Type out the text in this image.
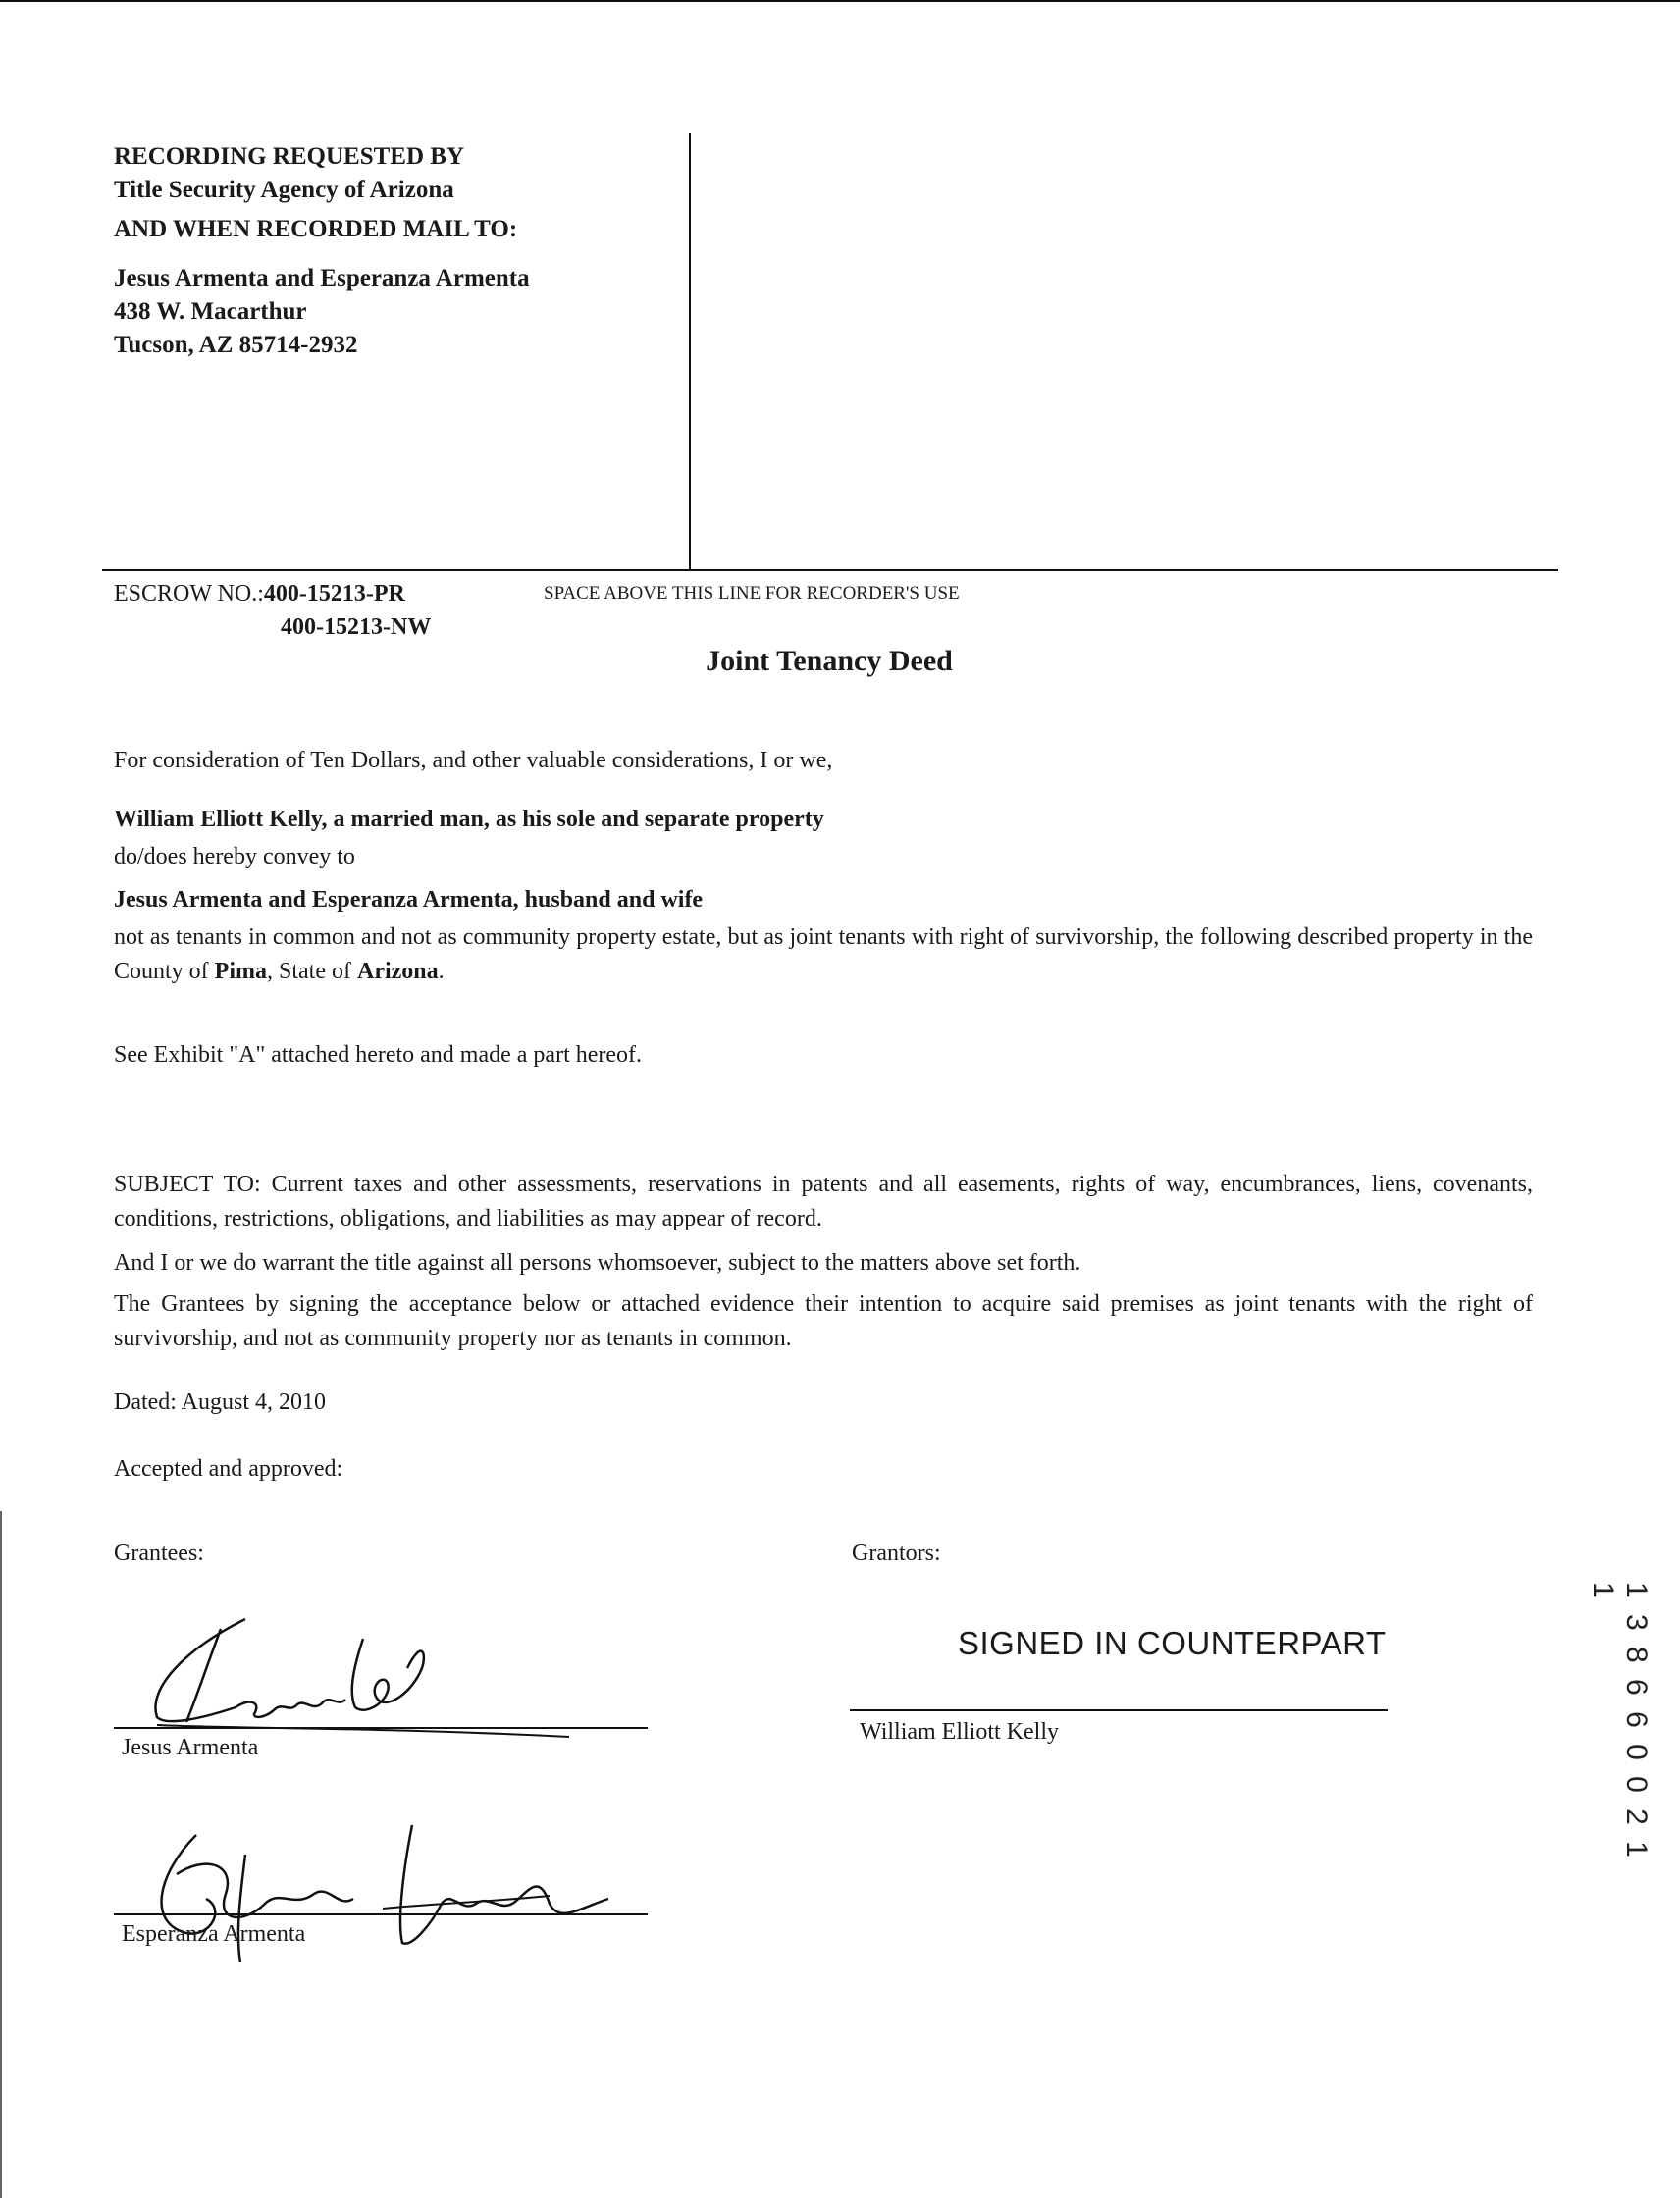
RECORDING REQUESTED BY
Title Security Agency of Arizona
AND WHEN RECORDED MAIL TO:
Jesus Armenta and Esperanza Armenta
438 W. Macarthur
Tucson, AZ 85714-2932
ESCROW NO.:400-15213-PR
400-15213-NW
SPACE ABOVE THIS LINE FOR RECORDER'S USE
Joint Tenancy Deed
For consideration of Ten Dollars, and other valuable considerations, I or we,
William Elliott Kelly, a married man, as his sole and separate property
do/does hereby convey to
Jesus Armenta and Esperanza Armenta, husband and wife
not as tenants in common and not as community property estate, but as joint tenants with right of survivorship, the following described property in the County of Pima, State of Arizona.
See Exhibit "A" attached hereto and made a part hereof.
SUBJECT TO: Current taxes and other assessments, reservations in patents and all easements, rights of way, encumbrances, liens, covenants, conditions, restrictions, obligations, and liabilities as may appear of record.
And I or we do warrant the title against all persons whomsoever, subject to the matters above set forth.
The Grantees by signing the acceptance below or attached evidence their intention to acquire said premises as joint tenants with the right of survivorship, and not as community property nor as tenants in common.
Dated: August 4, 2010
Accepted and approved:
Grantees:	Grantors:
Jesus Armenta
Esperanza Armenta
SIGNED IN COUNTERPART
William Elliott Kelly	1 3 8 6 6 0 0 2 1 1
